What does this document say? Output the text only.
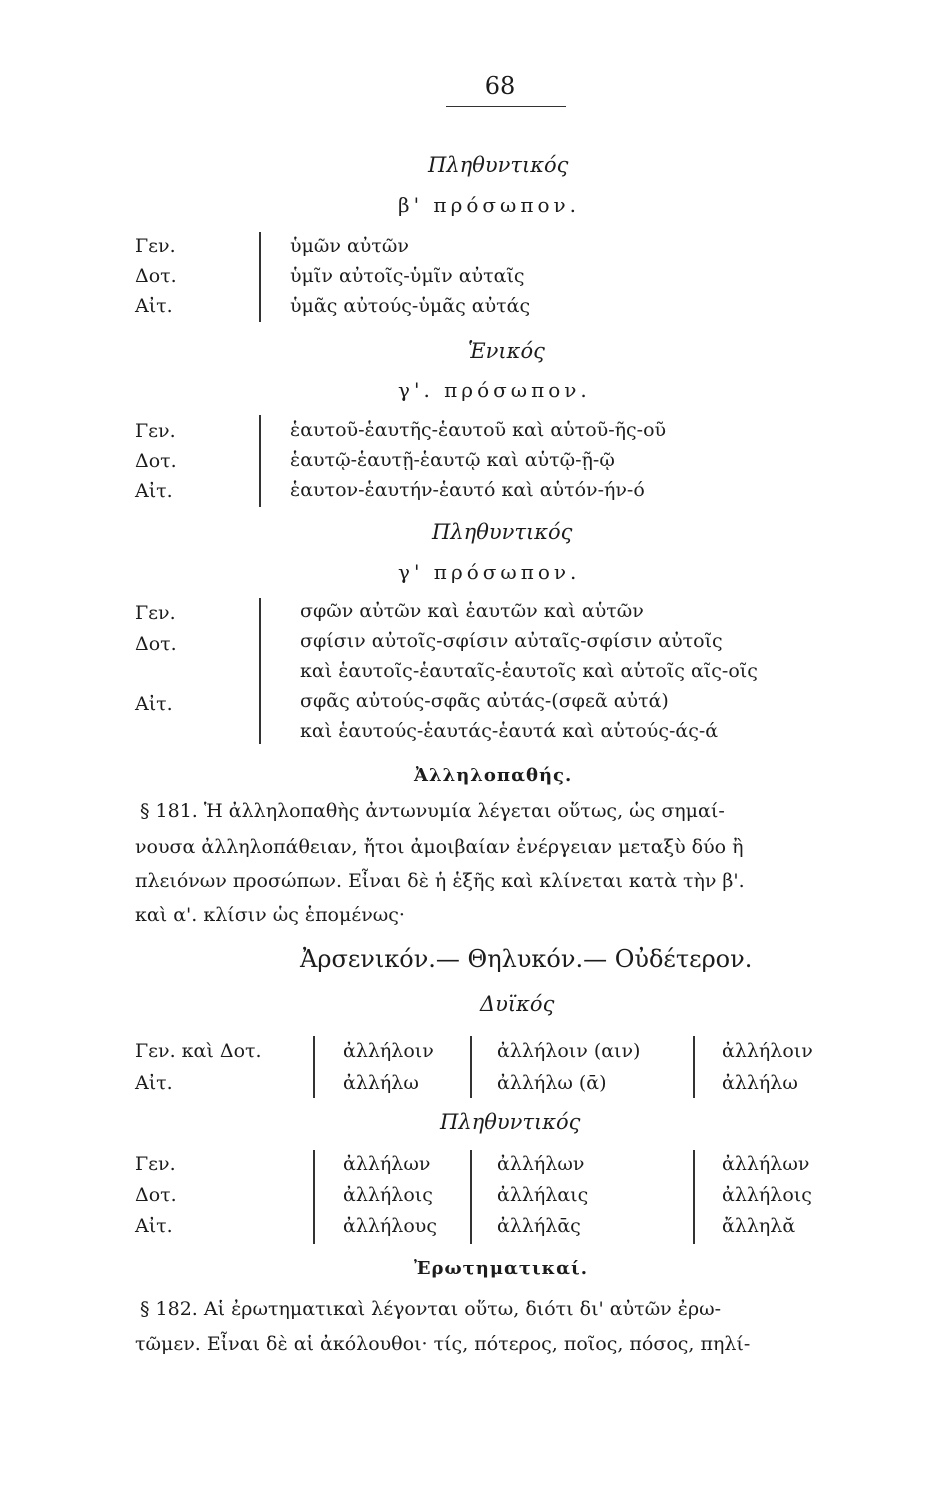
68
Πληθυντικός
β' πρόσωπον.
Γεν.
Δοτ.
Αἰτ.
ὑμῶν αὐτῶν
ὑμῖν αὐτοῖς-ὑμῖν αὐταῖς
ὑμᾶς αὐτούς-ὑμᾶς αὐτάς
Ἑνικός
γ'. πρόσωπον.
Γεν.
Δοτ.
Αἰτ.
ἑαυτοῦ-ἑαυτῆς-ἑαυτοῦ καὶ αὑτοῦ-ῆς-οῦ
ἑαυτῷ-ἑαυτῇ-ἑαυτῷ καὶ αὑτῷ-ῇ-ῷ
ἑαυτον-ἑαυτήν-ἑαυτό καὶ αὑτόν-ήν-ό
Πληθυντικός
γ' πρόσωπον.
Γεν.
Δοτ.
Αἰτ.
σφῶν αὐτῶν καὶ ἑαυτῶν καὶ αὑτῶν
σφίσιν αὐτοῖς-σφίσιν αὐταῖς-σφίσιν αὐτοῖς
καὶ ἑαυτοῖς-ἑαυταῖς-ἑαυτοῖς καὶ αὑτοῖς αῖς-οῖς
σφᾶς αὐτούς-σφᾶς αὐτάς-(σφεᾶ αὐτά)
καὶ ἑαυτούς-ἑαυτάς-ἑαυτά καὶ αὑτούς-άς-ά
Ἀλληλοπαθής.
§ 181. Ἡ ἀλληλοπαθὴς ἀντωνυμία λέγεται οὕτως, ὡς σημαί-
νουσα ἀλληλοπάθειαν, ἤτοι ἀμοιβαίαν ἐνέργειαν μεταξὺ δύο ἢ
πλειόνων προσώπων. Εἶναι δὲ ἡ ἑξῆς καὶ κλίνεται κατὰ τὴν β'.
καὶ α'. κλίσιν ὡς ἑπομένως·
Ἀρσενικόν.— Θηλυκόν.— Οὐδέτερον.
Δυϊκός
Γεν. καὶ Δοτ.
Αἰτ.
ἀλλήλοιν
ἀλλήλω
ἀλλήλοιν (αιν)
ἀλλήλω (ᾱ)
ἀλλήλοιν
ἀλλήλω
Πληθυντικός
Γεν.
Δοτ.
Αἰτ.
ἀλλήλων
ἀλλήλοις
ἀλλήλους
ἀλλήλων
ἀλλήλαις
ἀλλήλᾱς
ἀλλήλων
ἀλλήλοις
ἄλληλᾰ
Ἐρωτηματικαί.
§ 182. Αἱ ἐρωτηματικαὶ λέγονται οὕτω, διότι δι' αὐτῶν ἐρω-
τῶμεν. Εἶναι δὲ αἱ ἀκόλουθοι· τίς, πότερος, ποῖος, πόσος, πηλί-
